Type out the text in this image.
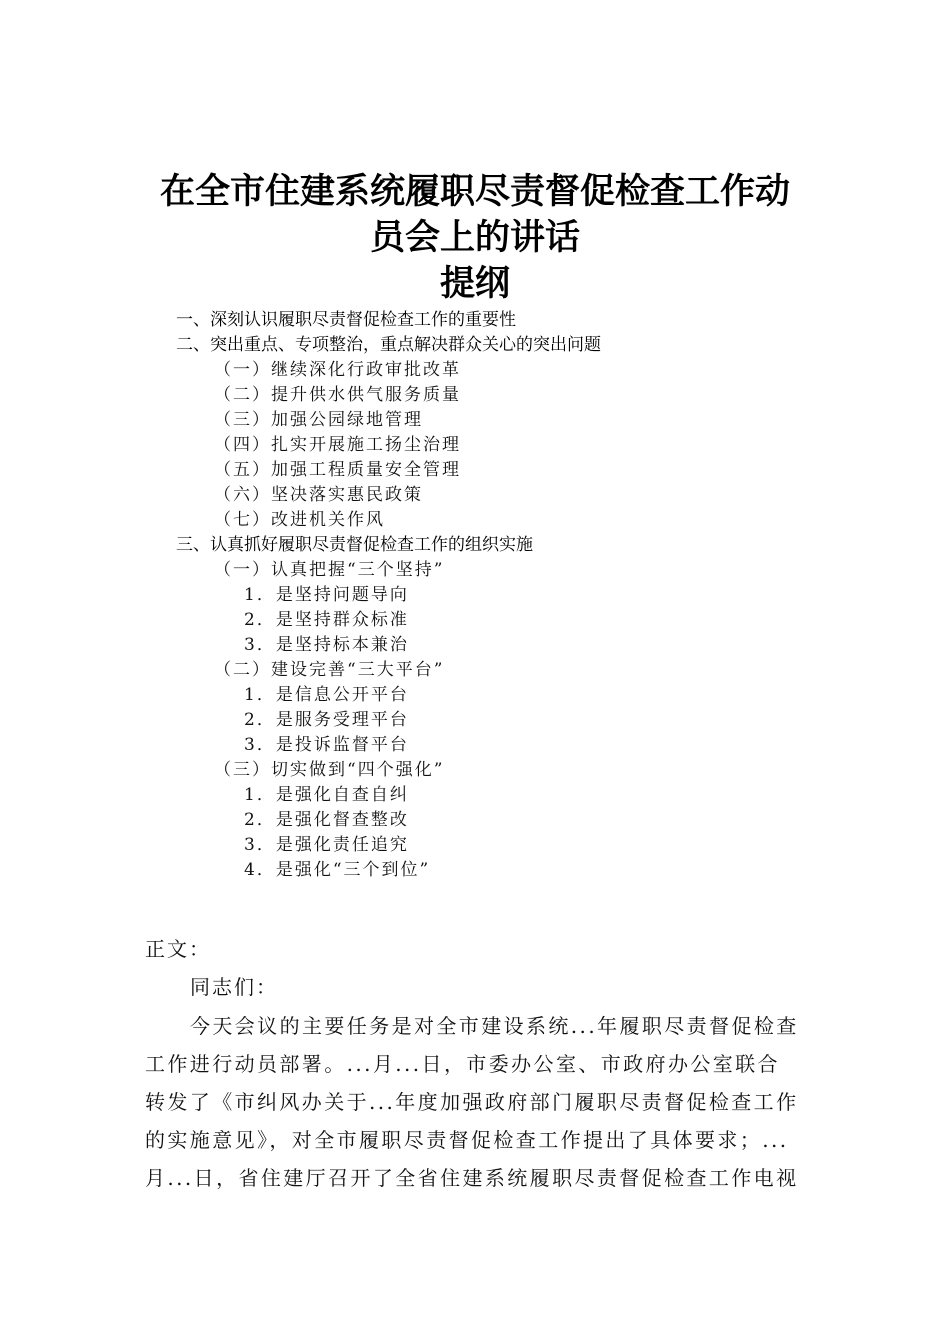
在全市住建系统履职尽责督促检查工作动
员会上的讲话
提纲
一、深刻认识履职尽责督促检查工作的重要性
二、突出重点、专项整治，重点解决群众关心的突出问题
（一）继续深化行政审批改革
（二）提升供水供气服务质量
（三）加强公园绿地管理
（四）扎实开展施工扬尘治理
（五）加强工程质量安全管理
（六）坚决落实惠民政策
（七）改进机关作风
三、认真抓好履职尽责督促检查工作的组织实施
（一）认真把握“三个坚持”
1．是坚持问题导向
2．是坚持群众标准
3．是坚持标本兼治
（二）建设完善“三大平台”
1．是信息公开平台
2．是服务受理平台
3．是投诉监督平台
（三）切实做到“四个强化”
1．是强化自查自纠
2．是强化督查整改
3．是强化责任追究
4．是强化“三个到位”
正文：
同志们：
今天会议的主要任务是对全市建设系统...年履职尽责督促检查
工作进行动员部署。...月...日，市委办公室、市政府办公室联合
转发了《市纠风办关于...年度加强政府部门履职尽责督促检查工作
的实施意见》，对全市履职尽责督促检查工作提出了具体要求；...
月...日，省住建厅召开了全省住建系统履职尽责督促检查工作电视
